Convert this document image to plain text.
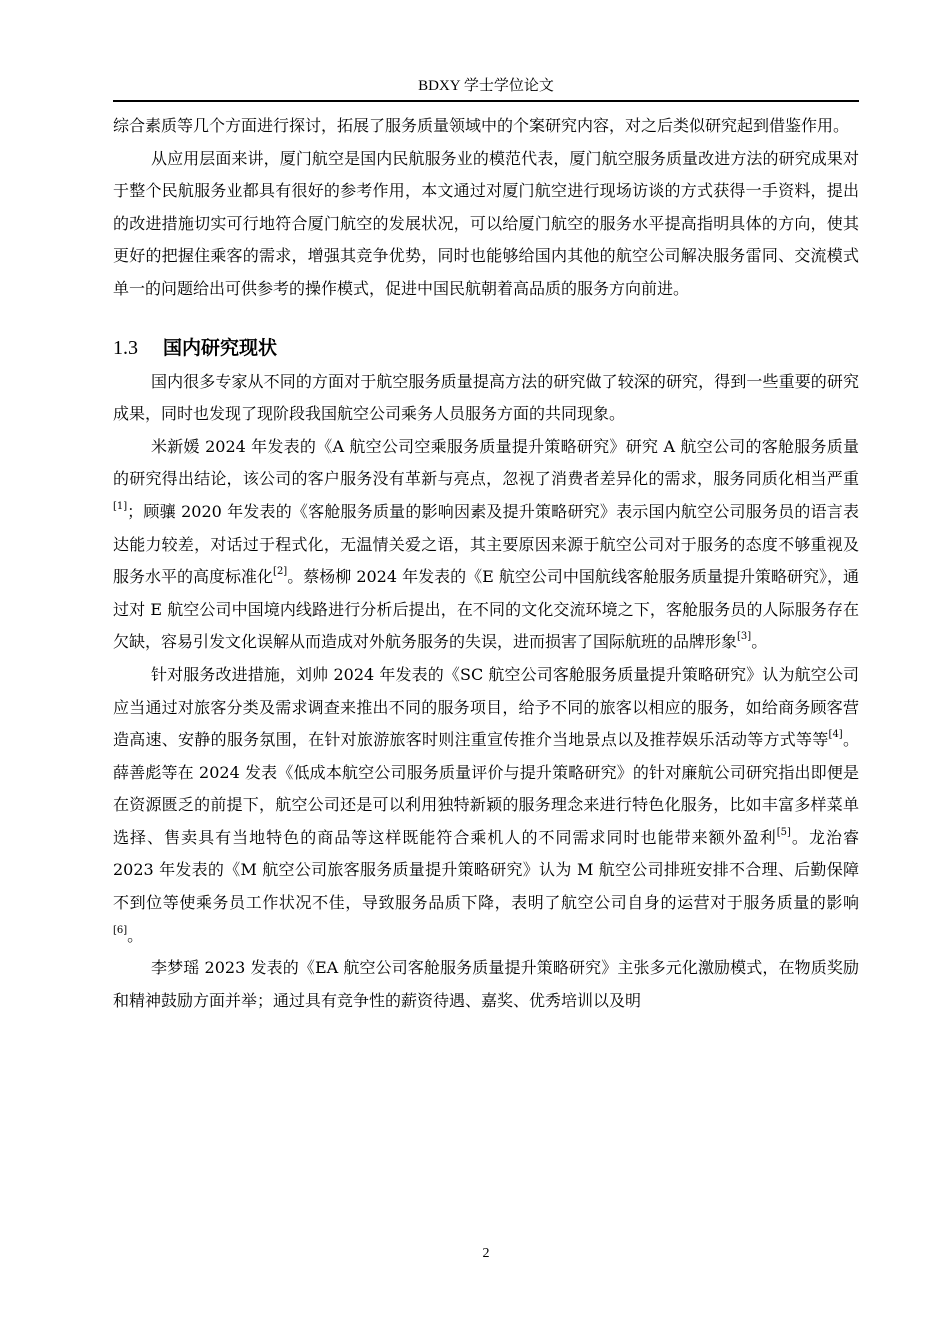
BDXY 学士学位论文

综合素质等几个方面进行探讨，拓展了服务质量领域中的个案研究内容，对之后类似研究起到借鉴作用。

从应用层面来讲，厦门航空是国内民航服务业的模范代表，厦门航空服务质量改进方法的研究成果对于整个民航服务业都具有很好的参考作用，本文通过对厦门航空进行现场访谈的方式获得一手资料，提出的改进措施切实可行地符合厦门航空的发展状况，可以给厦门航空的服务水平提高指明具体的方向，使其更好的把握住乘客的需求，增强其竞争优势，同时也能够给国内其他的航空公司解决服务雷同、交流模式单一的问题给出可供参考的操作模式，促进中国民航朝着高品质的服务方向前进。

1.3 国内研究现状

国内很多专家从不同的方面对于航空服务质量提高方法的研究做了较深的研究，得到一些重要的研究成果，同时也发现了现阶段我国航空公司乘务人员服务方面的共同现象。

米新媛 2024 年发表的《A 航空公司空乘服务质量提升策略研究》研究 A 航空公司的客舱服务质量的研究得出结论，该公司的客户服务没有革新与亮点，忽视了消费者差异化的需求，服务同质化相当严重[1]；顾骧 2020 年发表的《客舱服务质量的影响因素及提升策略研究》表示国内航空公司服务员的语言表达能力较差，对话过于程式化，无温情关爱之语，其主要原因来源于航空公司对于服务的态度不够重视及服务水平的高度标准化[2]。蔡杨柳 2024 年发表的《E 航空公司中国航线客舱服务质量提升策略研究》，通过对 E 航空公司中国境内线路进行分析后提出，在不同的文化交流环境之下，客舱服务员的人际服务存在欠缺，容易引发文化误解从而造成对外航务服务的失误，进而损害了国际航班的品牌形象[3]。

针对服务改进措施，刘帅 2024 年发表的《SC 航空公司客舱服务质量提升策略研究》认为航空公司应当通过对旅客分类及需求调查来推出不同的服务项目，给予不同的旅客以相应的服务，如给商务顾客营造高速、安静的服务氛围，在针对旅游旅客时则注重宣传推介当地景点以及推荐娱乐活动等方式等等[4]。薛善彪等在 2024 发表《低成本航空公司服务质量评价与提升策略研究》的针对廉航公司研究指出即便是在资源匮乏的前提下，航空公司还是可以利用独特新颖的服务理念来进行特色化服务，比如丰富多样菜单选择、售卖具有当地特色的商品等这样既能符合乘机人的不同需求同时也能带来额外盈利[5]。龙治睿 2023 年发表的《M 航空公司旅客服务质量提升策略研究》认为 M 航空公司排班安排不合理、后勤保障不到位等使乘务员工作状况不佳，导致服务品质下降，表明了航空公司自身的运营对于服务质量的影响[6]。

李梦瑶 2023 发表的《EA 航空公司客舱服务质量提升策略研究》主张多元化激励模式，在物质奖励和精神鼓励方面并举；通过具有竞争性的薪资待遇、嘉奖、优秀培训以及明

2
